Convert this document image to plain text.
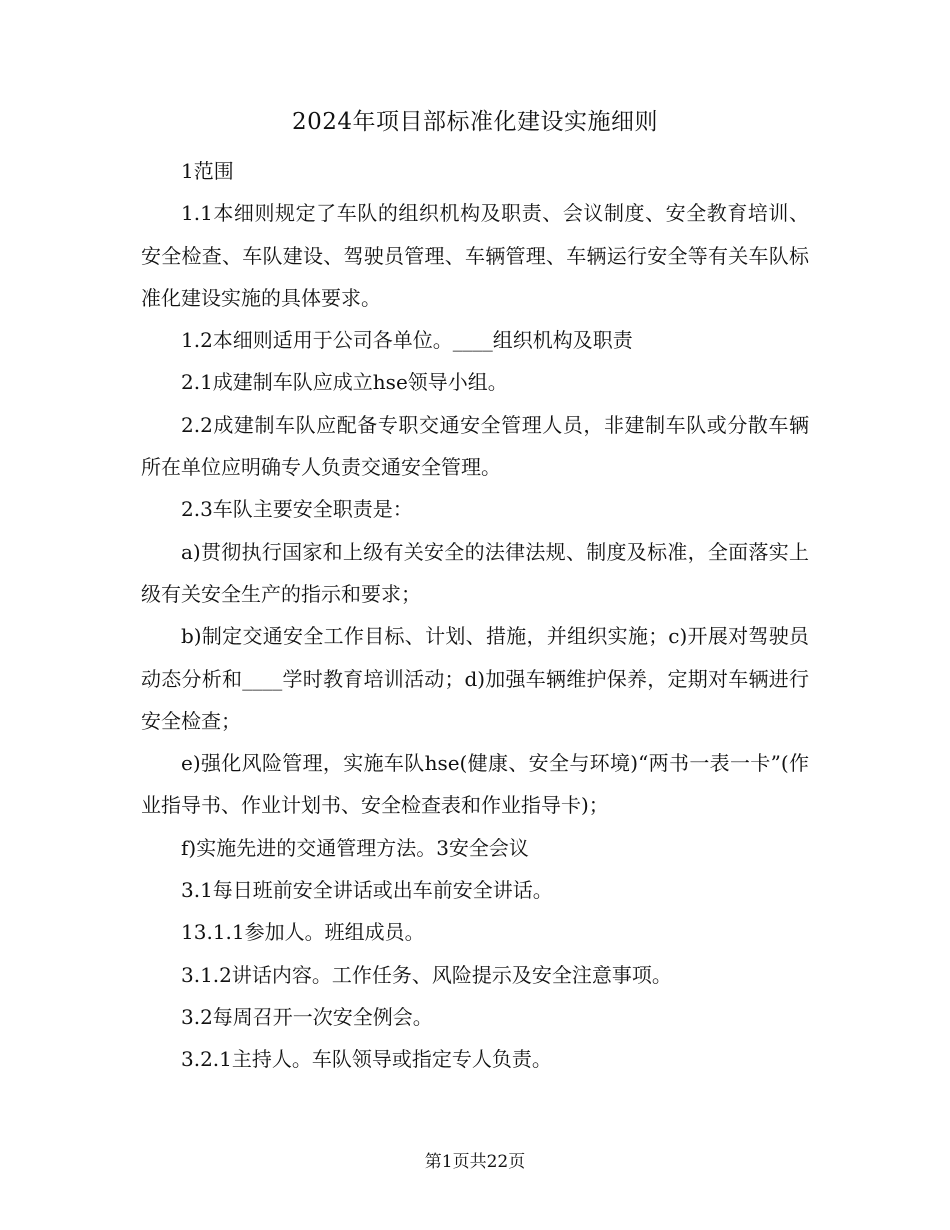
2024年项目部标准化建设实施细则

1范围

1.1本细则规定了车队的组织机构及职责、会议制度、安全教育培训、安全检查、车队建设、驾驶员管理、车辆管理、车辆运行安全等有关车队标准化建设实施的具体要求。

1.2本细则适用于公司各单位。____组织机构及职责

2.1成建制车队应成立hse领导小组。

2.2成建制车队应配备专职交通安全管理人员，非建制车队或分散车辆所在单位应明确专人负责交通安全管理。

2.3车队主要安全职责是：

a)贯彻执行国家和上级有关安全的法律法规、制度及标准，全面落实上级有关安全生产的指示和要求；

b)制定交通安全工作目标、计划、措施，并组织实施；c)开展对驾驶员动态分析和____学时教育培训活动；d)加强车辆维护保养，定期对车辆进行安全检查；

e)强化风险管理，实施车队hse(健康、安全与环境)“两书一表一卡”(作业指导书、作业计划书、安全检查表和作业指导卡)；

f)实施先进的交通管理方法。3安全会议

3.1每日班前安全讲话或出车前安全讲话。

13.1.1参加人。班组成员。

3.1.2讲话内容。工作任务、风险提示及安全注意事项。

3.2每周召开一次安全例会。

3.2.1主持人。车队领导或指定专人负责。

第1页共22页
